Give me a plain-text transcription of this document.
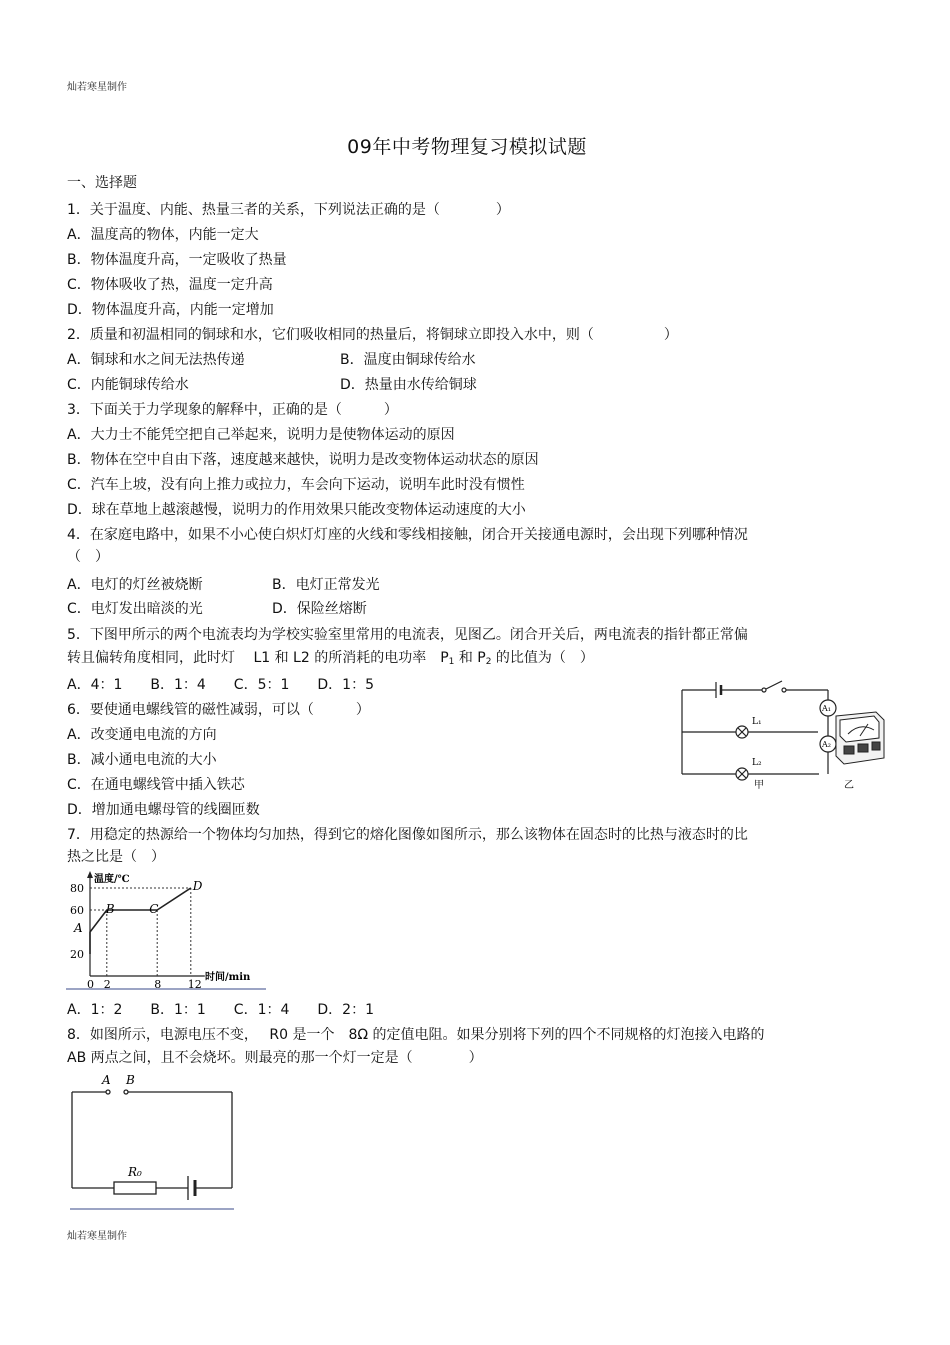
灿若寒星制作
09年中考物理复习模拟试题
一、选择题
1．关于温度、内能、热量三者的关系，下列说法正确的是（　　　　）
A．温度高的物体，内能一定大
B．物体温度升高，一定吸收了热量
C．物体吸收了热，温度一定升高
D．物体温度升高，内能一定增加
2．质量和初温相同的铜球和水，它们吸收相同的热量后，将铜球立即投入水中，则（　　　　　）
A．铜球和水之间无法热传递	B．温度由铜球传给水
C．内能铜球传给水	D．热量由水传给铜球
3．下面关于力学现象的解释中，正确的是（　　　）
A．大力士不能凭空把自己举起来，说明力是使物体运动的原因
B．物体在空中自由下落，速度越来越快，说明力是改变物体运动状态的原因
C．汽车上坡，没有向上推力或拉力，车会向下运动，说明车此时没有惯性
D．球在草地上越滚越慢，说明力的作用效果只能改变物体运动速度的大小
4．在家庭电路中，如果不小心使白炽灯灯座的火线和零线相接触，闭合开关接通电源时，会出现下列哪种情况
（　）
A．电灯的灯丝被烧断	B．电灯正常发光
C．电灯发出暗淡的光	D．保险丝熔断
5．下图甲所示的两个电流表均为学校实验室里常用的电流表，见图乙。闭合开关后，两电流表的指针都正常偏
转且偏转角度相同，此时灯　 L1 和 L2 的所消耗的电功率　$P_1$ 和 $P_2$ 的比值为（　）
A．4：1　　B．1：4　　C．5：1　　D．1：5
L₁
L₂
A₁
A₂
甲	乙
6．要使通电螺线管的磁性减弱，可以（　　　）
A．改变通电电流的方向
B．减小通电电流的大小
C．在通电螺线管中插入铁芯
D．增加通电螺母管的线圈匝数
7．用稳定的热源给一个物体均匀加热，得到它的熔化图像如图所示，那么该物体在固态时的比热与液态时的比
热之比是（　）
温度/℃
时间/min
20
60
80
0 2	8 12
A
B	C
D
A．1：2　　B．1：1　　C．1：4　　D．2：1
8．如图所示，电源电压不变，　 R0 是一个　8Ω 的定值电阻。如果分别将下列的四个不同规格的灯泡接入电路的
AB 两点之间，且不会烧坏。则最亮的那一个灯一定是（　　　　）
A B
R₀
灿若寒星制作
